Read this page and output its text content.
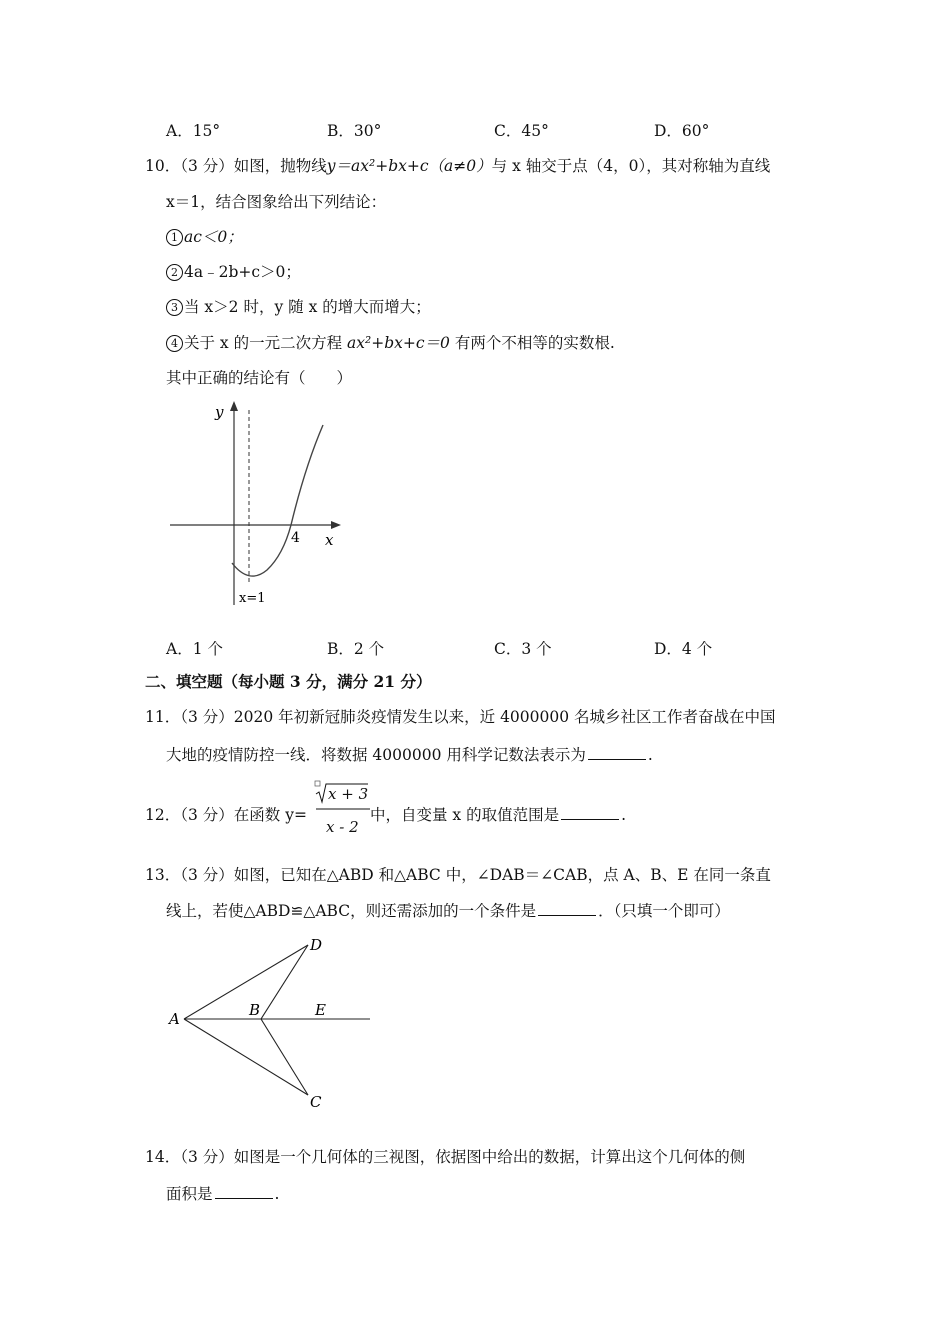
A．15°	B．30°	C．45°	D．60°
10．（3 分）如图，抛物线y＝ax²+bx+c（a≠0）与 x 轴交于点（4，0），其对称轴为直线
x＝1，结合图象给出下列结论：
1 ac＜0；
2 4a﹣2b+c＞0；
3 当 x＞2 时，y 随 x 的增大而增大；
4 关于 x 的一元二次方程 ax²+bx+c＝0 有两个不相等的实数根.
其中正确的结论有（　　）
y
x
4
x=1
A．1 个	B．2 个	C．3 个	D．4 个
二、填空题（每小题 3 分，满分 21 分）
11．（3 分）2020 年初新冠肺炎疫情发生以来，近 4000000 名城乡社区工作者奋战在中国
大地的疫情防控一线．将数据 4000000 用科学记数法表示为	.
12．（3 分）在函数 y=
x + 3
x - 2
中，自变量 x 的取值范围是	.
13．（3 分）如图，已知在△ABD 和△ABC 中，∠DAB＝∠CAB，点 A、B、E 在同一条直
线上，若使△ABD≌△ABC，则还需添加的一个条件是	．（只填一个即可）
A	B	E
D
C
14．（3 分）如图是一个几何体的三视图，依据图中给出的数据，计算出这个几何体的侧
面积是	.
